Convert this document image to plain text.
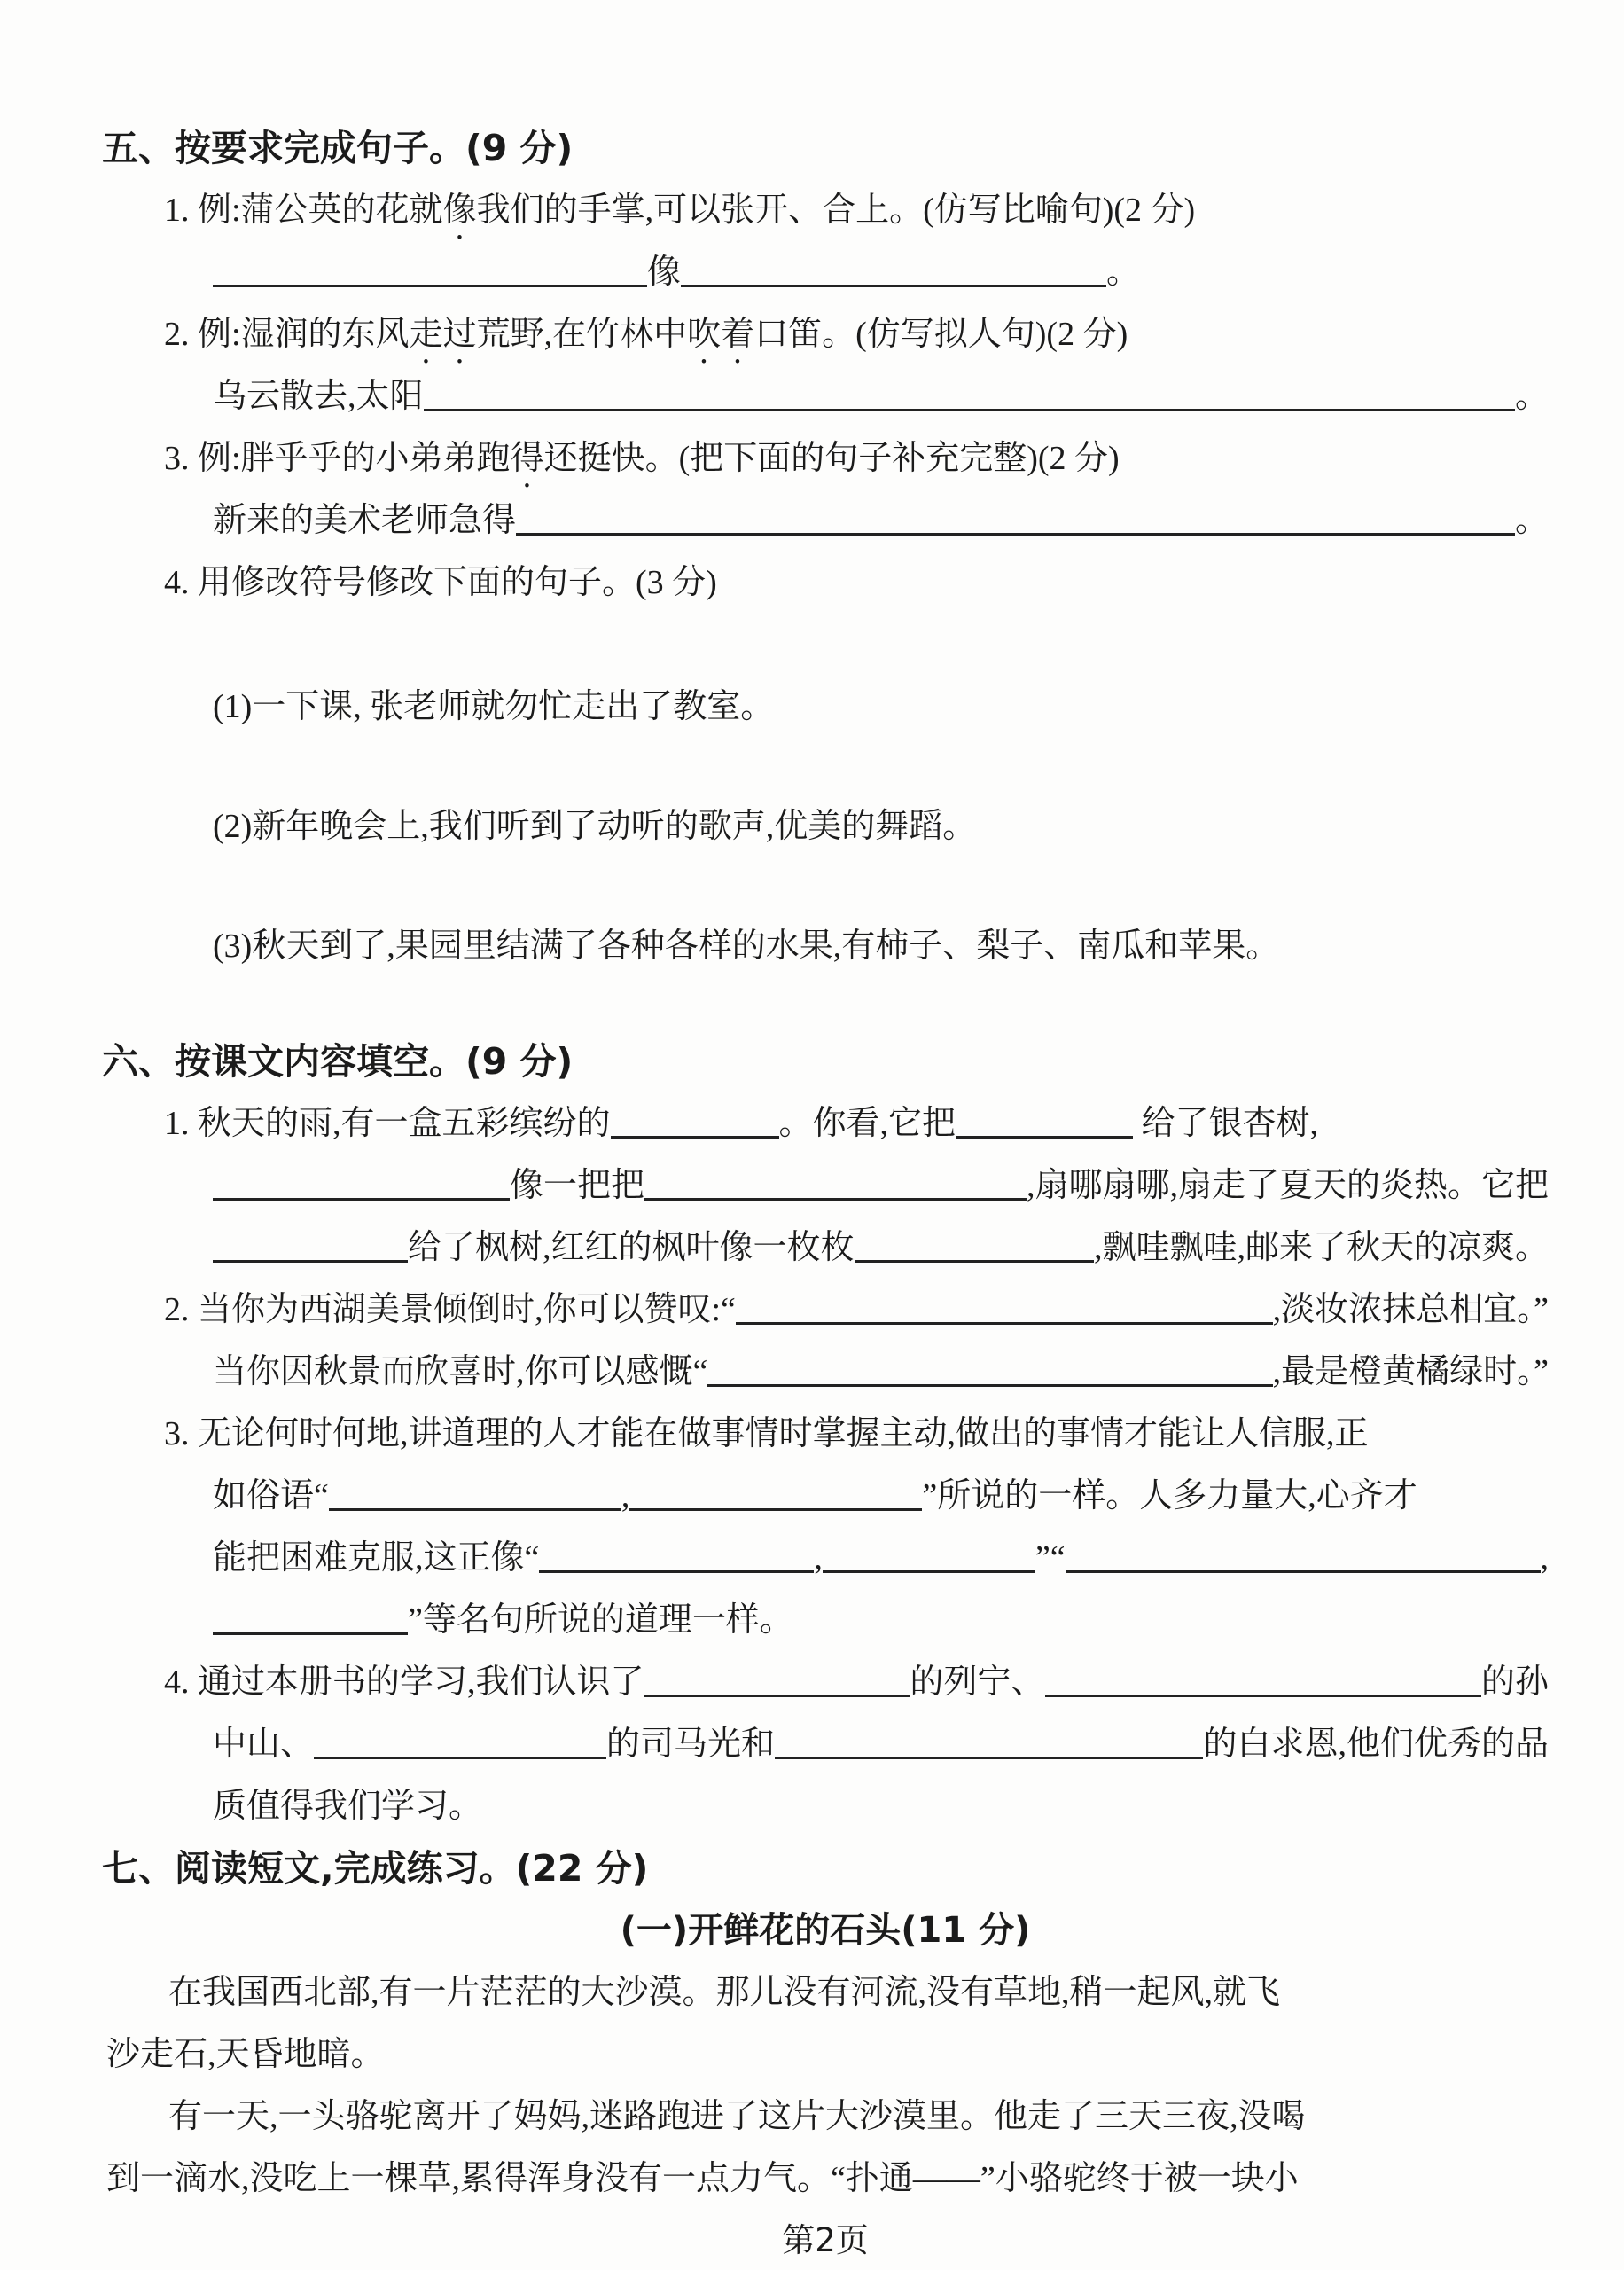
五、按要求完成句子。(9 分)
1. 例:蒲公英的花就 像 我们的手掌,可以张开、合上。(仿写比喻句)(2 分)
像	。
2. 例:湿润的东风 走过 荒野,在竹林中 吹着 口笛。(仿写拟人句)(2 分)
乌云散去,太阳	。
3. 例:胖乎乎的小弟弟跑 得 还挺快。(把下面的句子补充完整)(2 分)
新来的美术老师急得	。
4. 用修改符号修改下面的句子。(3 分)
(1)一下课, 张老师就勿忙走出了教室。
(2)新年晚会上,我们听到了动听的歌声,优美的舞蹈。
(3)秋天到了,果园里结满了各种各样的水果,有柿子、梨子、南瓜和苹果。
六、按课文内容填空。(9 分)
1. 秋天的雨,有一盒五彩缤纷的	。你看,它把	给了银杏树,
像一把把	,扇哪扇哪,扇走了夏天的炎热。它把
给了枫树,红红的枫叶像一枚枚	,飘哇飘哇,邮来了秋天的凉爽。
2. 当你为西湖美景倾倒时,你可以赞叹:“	,淡妆浓抹总相宜。”
当你因秋景而欣喜时,你可以感慨“	,最是橙黄橘绿时。”
3. 无论何时何地,讲道理的人才能在做事情时掌握主动,做出的事情才能让人信服,正
如俗语“	,	”所说的一样。人多力量大,心齐才
能把困难克服,这正像“	,	”“	,
”等名句所说的道理一样。
4. 通过本册书的学习,我们认识了	的列宁、	的孙
中山、	的司马光和	的白求恩,他们优秀的品
质值得我们学习。
七、阅读短文,完成练习。(22 分)
(一)开鲜花的石头(11 分)
在我国西北部,有一片茫茫的大沙漠。那儿没有河流,没有草地,稍一起风,就飞
沙走石,天昏地暗。
有一天,一头骆驼离开了妈妈,迷路跑进了这片大沙漠里。他走了三天三夜,没喝
到一滴水,没吃上一棵草,累得浑身没有一点力气。“扑通——”小骆驼终于被一块小
第2页
